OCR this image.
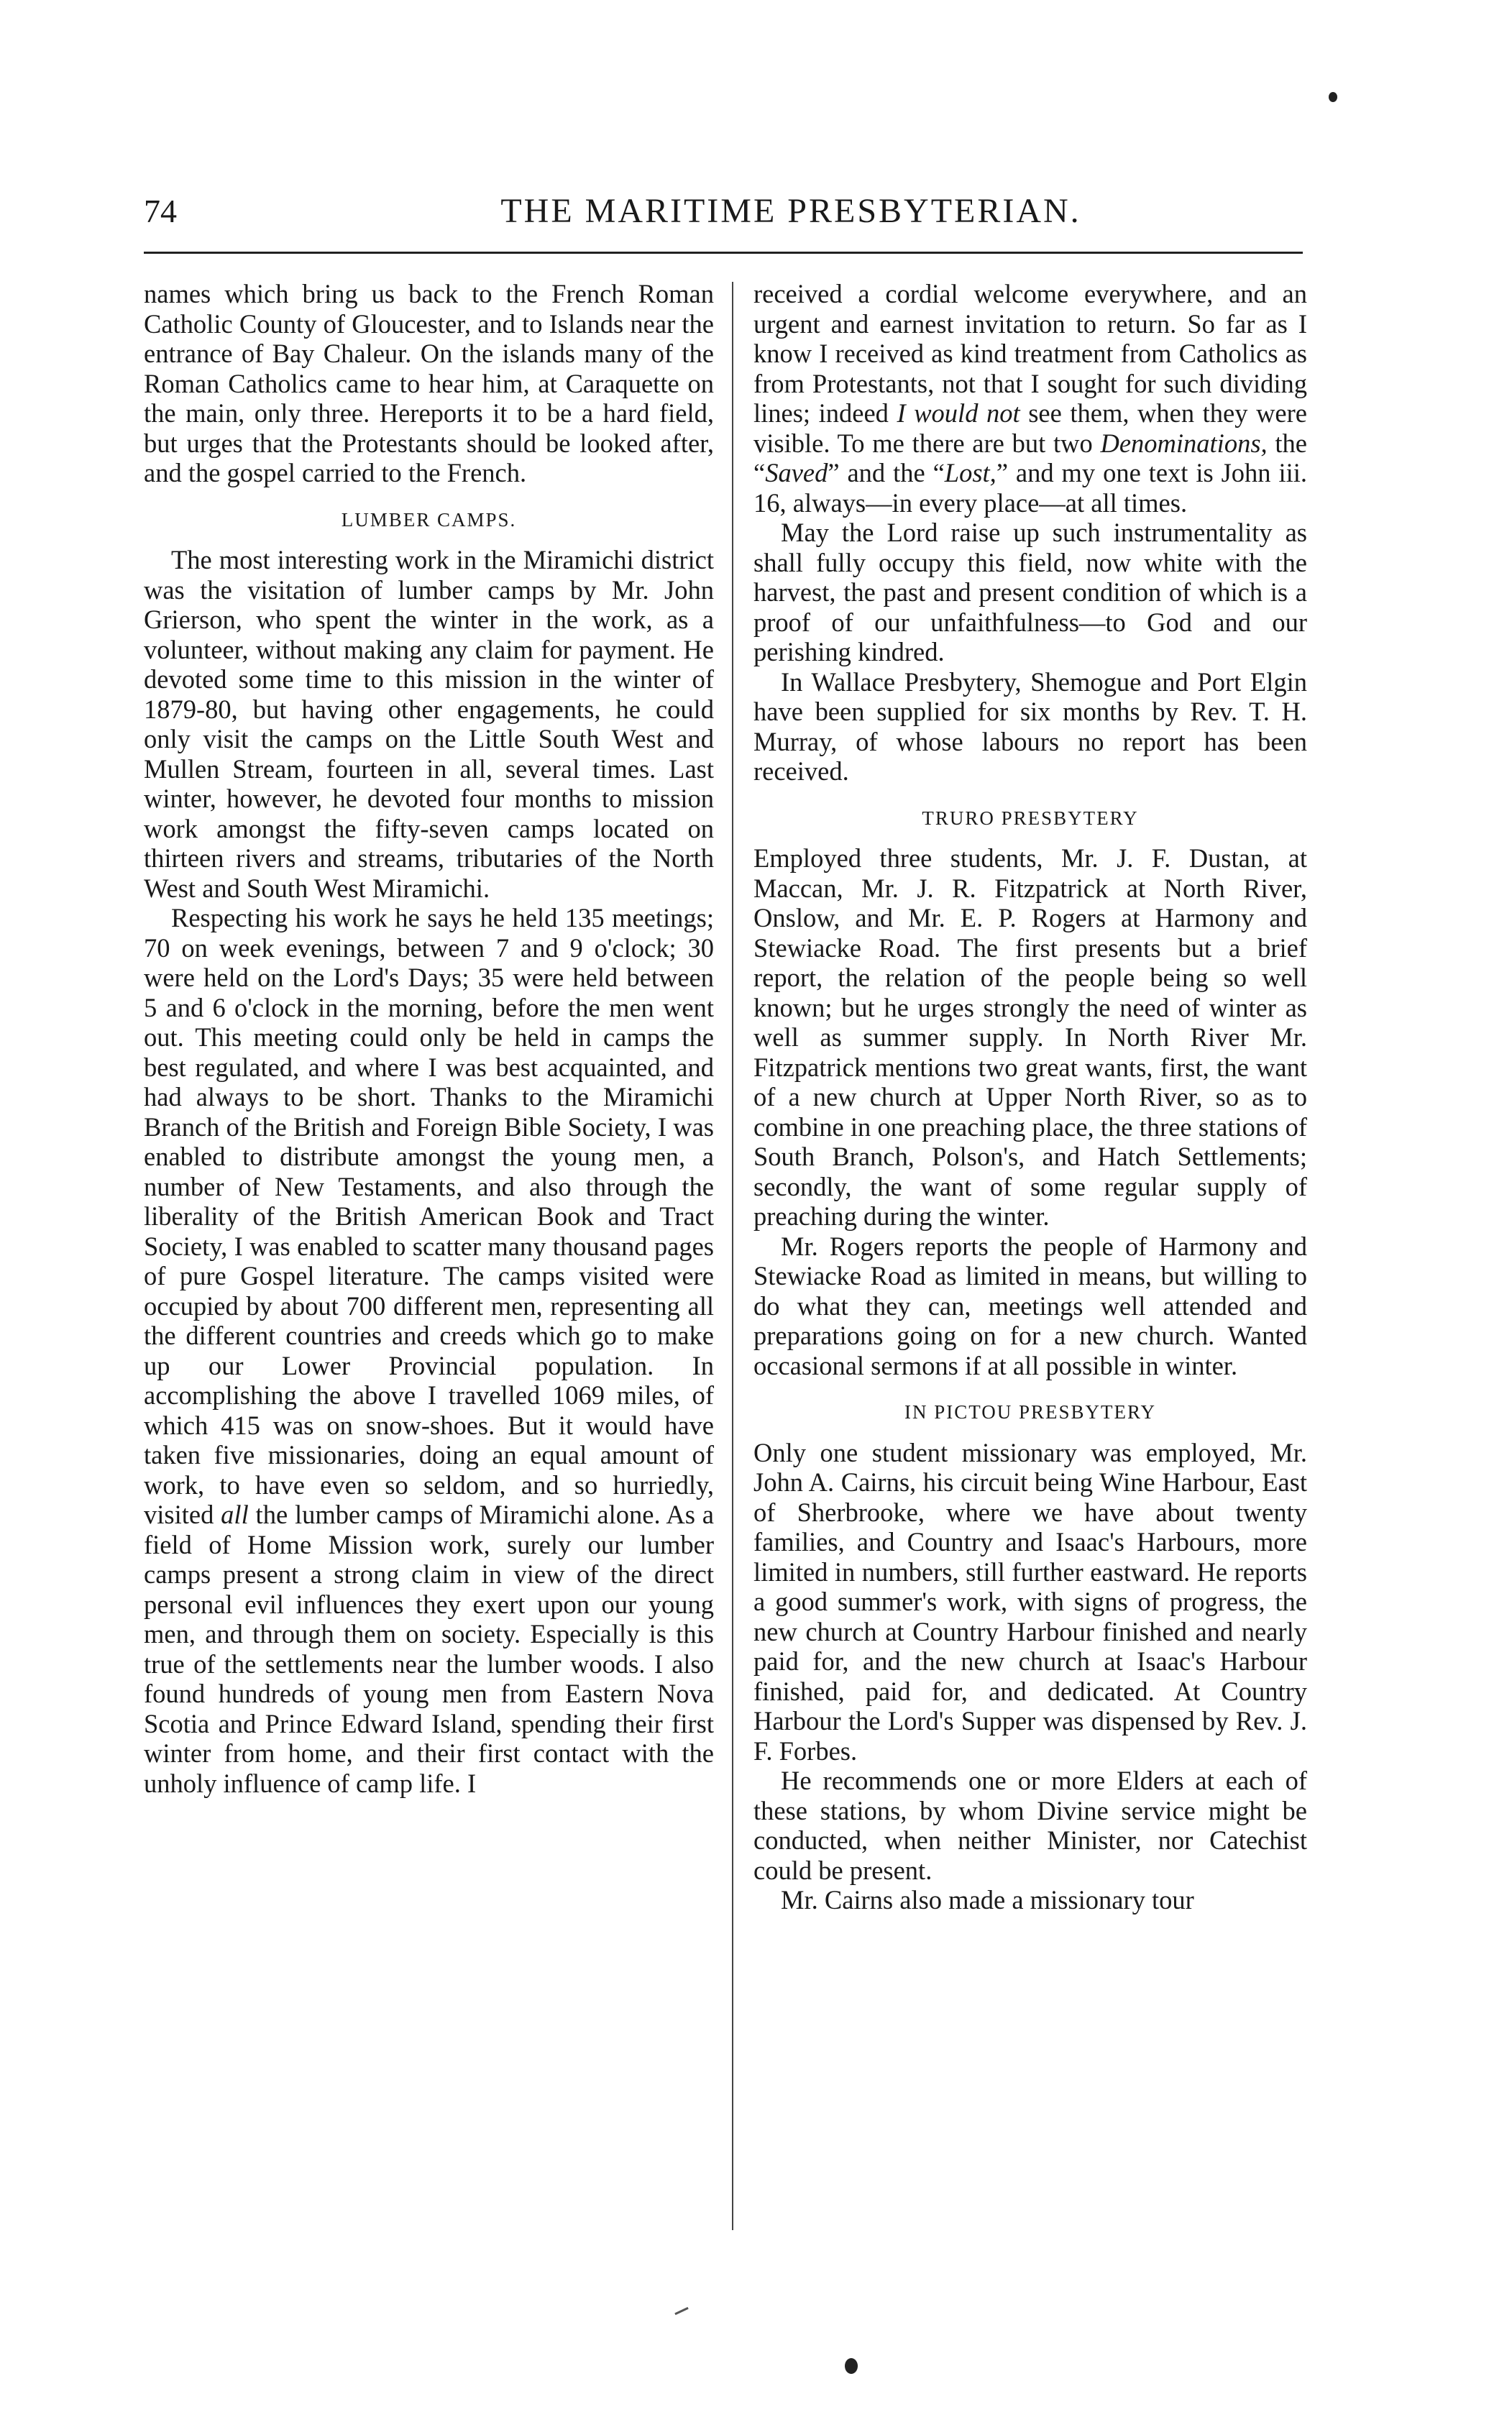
74	THE MARITIME PRESBYTERIAN.

names which bring us back to the French Roman Catholic County of Gloucester, and to Islands near the entrance of Bay Chaleur. On the islands many of the Roman Catholics came to hear him, at Caraquette on the main, only three. Hereports it to be a hard field, but urges that the Protestants should be looked after, and the gospel carried to the French.

LUMBER CAMPS.

The most interesting work in the Miramichi district was the visitation of lumber camps by Mr. John Grierson, who spent the winter in the work, as a volunteer, without making any claim for payment. He devoted some time to this mission in the winter of 1879-80, but having other engagements, he could only visit the camps on the Little South West and Mullen Stream, fourteen in all, several times. Last winter, however, he devoted four months to mission work amongst the fifty-seven camps located on thirteen rivers and streams, tributaries of the North West and South West Miramichi.

Respecting his work he says he held 135 meetings; 70 on week evenings, between 7 and 9 o'clock; 30 were held on the Lord's Days; 35 were held between 5 and 6 o'clock in the morning, before the men went out. This meeting could only be held in camps the best regulated, and where I was best acquainted, and had always to be short. Thanks to the Miramichi Branch of the British and Foreign Bible Society, I was enabled to distribute amongst the young men, a number of New Testaments, and also through the liberality of the British American Book and Tract Society, I was enabled to scatter many thousand pages of pure Gospel literature. The camps visited were occupied by about 700 different men, representing all the different countries and creeds which go to make up our Lower Provincial population. In accomplishing the above I travelled 1069 miles, of which 415 was on snow-shoes. But it would have taken five missionaries, doing an equal amount of work, to have even so seldom, and so hurriedly, visited all the lumber camps of Miramichi alone. As a field of Home Mission work, surely our lumber camps present a strong claim in view of the direct personal evil influences they exert upon our young men, and through them on society. Especially is this true of the settlements near the lumber woods. I also found hundreds of young men from Eastern Nova Scotia and Prince Edward Island, spending their first winter from home, and their first contact with the unholy influence of camp life. I

received a cordial welcome everywhere, and an urgent and earnest invitation to return. So far as I know I received as kind treatment from Catholics as from Protestants, not that I sought for such dividing lines; indeed I would not see them, when they were visible. To me there are but two Denominations, the “Saved” and the “Lost,” and my one text is John iii. 16, always—in every place—at all times.

May the Lord raise up such instrumentality as shall fully occupy this field, now white with the harvest, the past and present condition of which is a proof of our unfaithfulness—to God and our perishing kindred.

In Wallace Presbytery, Shemogue and Port Elgin have been supplied for six months by Rev. T. H. Murray, of whose labours no report has been received.

TRURO PRESBYTERY

Employed three students, Mr. J. F. Dustan, at Maccan, Mr. J. R. Fitzpatrick at North River, Onslow, and Mr. E. P. Rogers at Harmony and Stewiacke Road. The first presents but a brief report, the relation of the people being so well known; but he urges strongly the need of winter as well as summer supply. In North River Mr. Fitzpatrick mentions two great wants, first, the want of a new church at Upper North River, so as to combine in one preaching place, the three stations of South Branch, Polson's, and Hatch Settlements; secondly, the want of some regular supply of preaching during the winter.

Mr. Rogers reports the people of Harmony and Stewiacke Road as limited in means, but willing to do what they can, meetings well attended and preparations going on for a new church. Wanted occasional sermons if at all possible in winter.

IN PICTOU PRESBYTERY

Only one student missionary was employed, Mr. John A. Cairns, his circuit being Wine Harbour, East of Sherbrooke, where we have about twenty families, and Country and Isaac's Harbours, more limited in numbers, still further eastward. He reports a good summer's work, with signs of progress, the new church at Country Harbour finished and nearly paid for, and the new church at Isaac's Harbour finished, paid for, and dedicated. At Country Harbour the Lord's Supper was dispensed by Rev. J. F. Forbes.

He recommends one or more Elders at each of these stations, by whom Divine service might be conducted, when neither Minister, nor Catechist could be present.

Mr. Cairns also made a missionary tour
